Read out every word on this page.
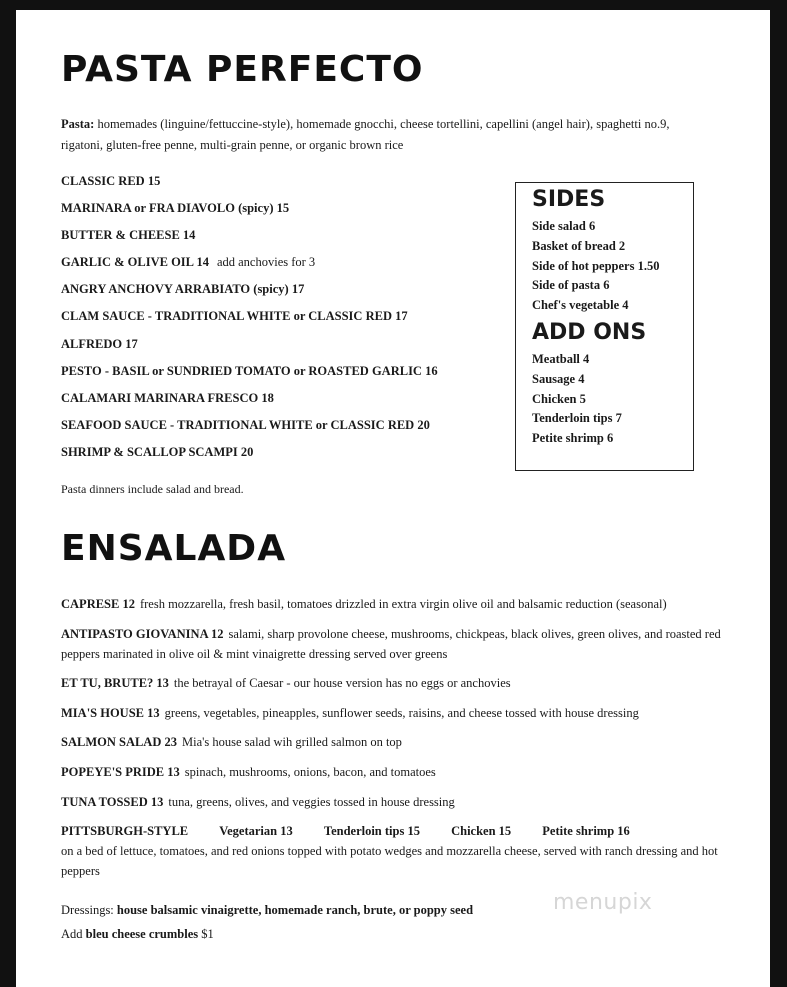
PASTA PERFECTO
Pasta: homemades (linguine/fettuccine-style), homemade gnocchi, cheese tortellini, capellini (angel hair), spaghetti no.9, rigatoni, gluten-free penne, multi-grain penne, or organic brown rice
CLASSIC RED 15
MARINARA or FRA DIAVOLO (spicy) 15
BUTTER & CHEESE 14
GARLIC & OLIVE OIL 14 add anchovies for 3
ANGRY ANCHOVY ARRABIATO (spicy) 17
CLAM SAUCE - TRADITIONAL WHITE or CLASSIC RED 17
ALFREDO 17
PESTO - BASIL or SUNDRIED TOMATO or ROASTED GARLIC 16
CALAMARI MARINARA FRESCO 18
SEAFOOD SAUCE - TRADITIONAL WHITE or CLASSIC RED 20
SHRIMP & SCALLOP SCAMPI 20
Pasta dinners include salad and bread.
SIDES
Side salad 6
Basket of bread 2
Side of hot peppers 1.50
Side of pasta 6
Chef's vegetable 4
ADD ONS
Meatball 4
Sausage 4
Chicken 5
Tenderloin tips 7
Petite shrimp 6
ENSALADA
CAPRESE 12 fresh mozzarella, fresh basil, tomatoes drizzled in extra virgin olive oil and balsamic reduction (seasonal)
ANTIPASTO GIOVANINA 12 salami, sharp provolone cheese, mushrooms, chickpeas, black olives, green olives, and roasted red peppers marinated in olive oil & mint vinaigrette dressing served over greens
ET TU, BRUTE? 13 the betrayal of Caesar - our house version has no eggs or anchovies
MIA'S HOUSE 13 greens, vegetables, pineapples, sunflower seeds, raisins, and cheese tossed with house dressing
SALMON SALAD 23 Mia's house salad wih grilled salmon on top
POPEYE'S PRIDE 13 spinach, mushrooms, onions, bacon, and tomatoes
TUNA TOSSED 13 tuna, greens, olives, and veggies tossed in house dressing
PITTSBURGH-STYLE Vegetarian 13 Tenderloin tips 15 Chicken 15 Petite shrimp 16
on a bed of lettuce, tomatoes, and red onions topped with potato wedges and mozzarella cheese, served with ranch dressing and hot peppers
Dressings: house balsamic vinaigrette, homemade ranch, brute, or poppy seed
Add bleu cheese crumbles $1
menupix
